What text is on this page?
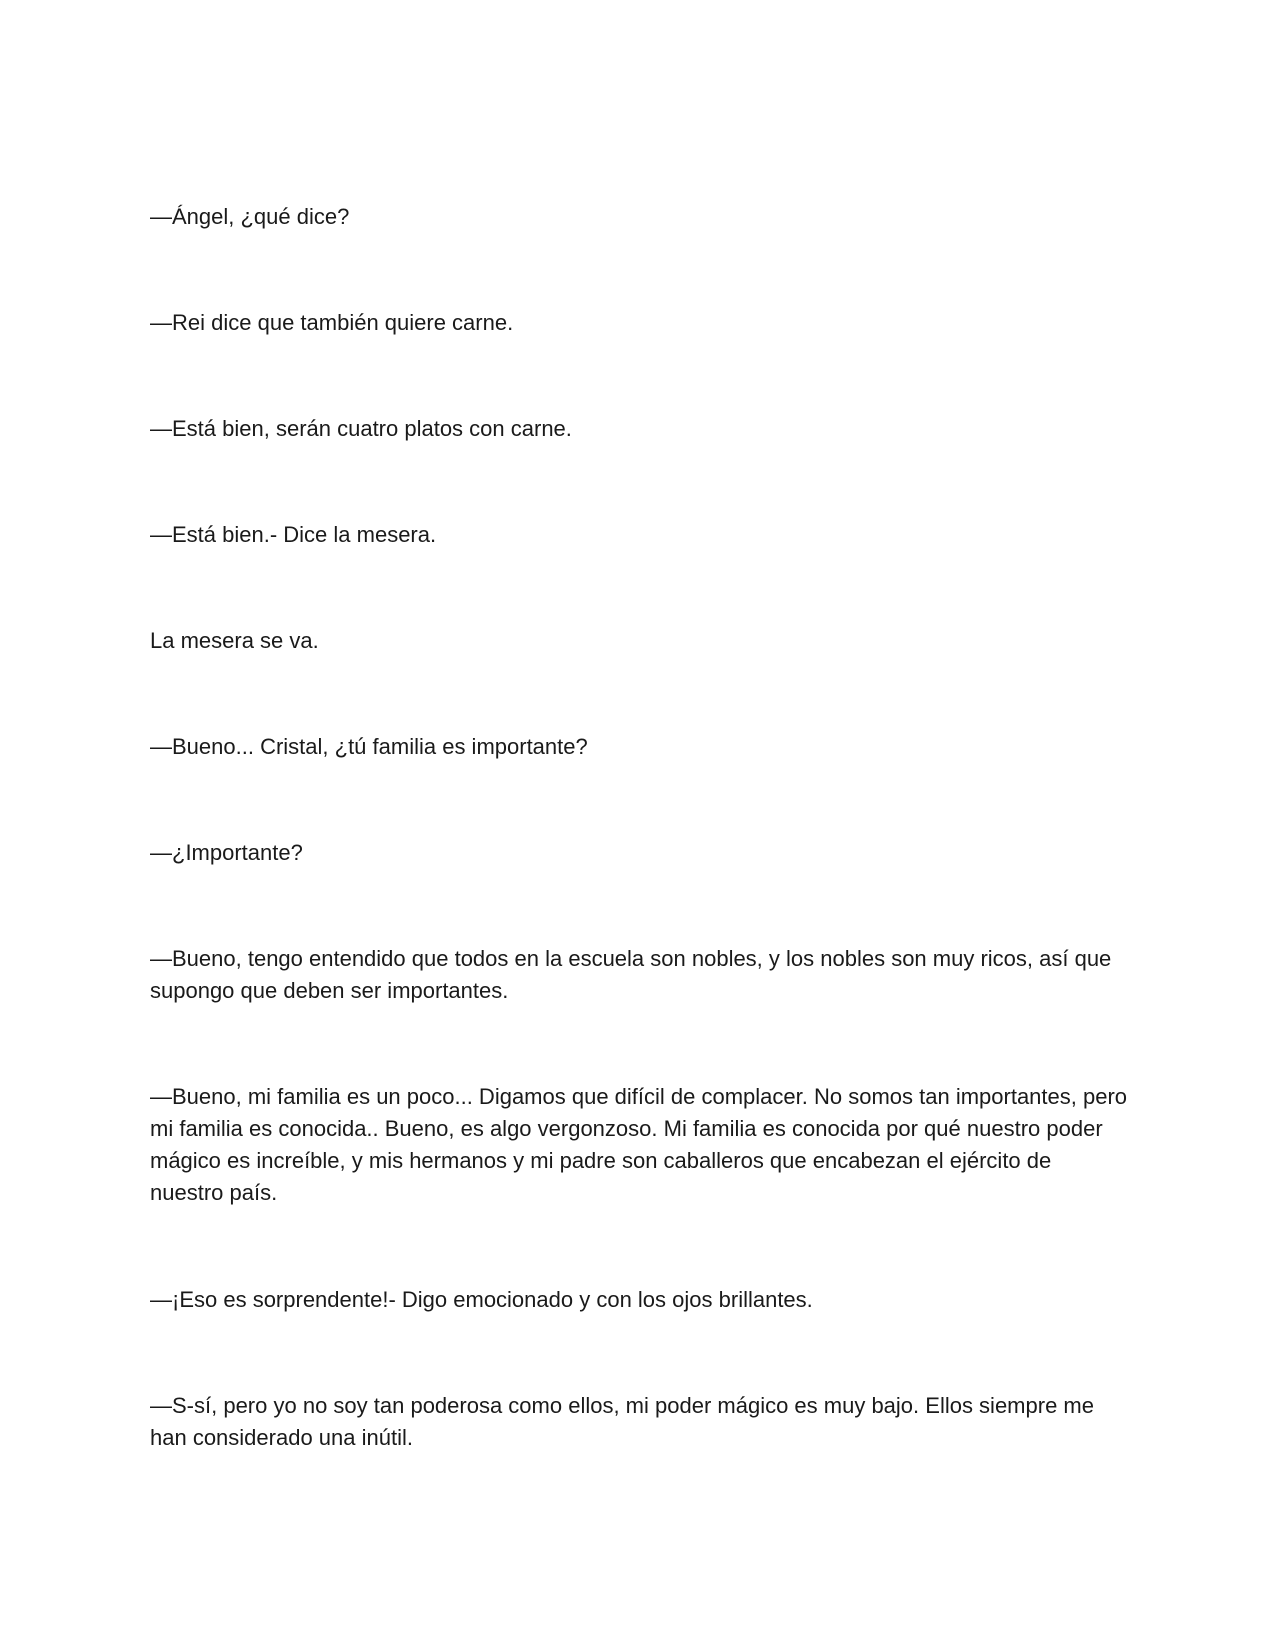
—Ángel, ¿qué dice?

—Rei dice que también quiere carne.

—Está bien, serán cuatro platos con carne.

—Está bien.- Dice la mesera.

La mesera se va.

—Bueno... Cristal, ¿tú familia es importante?

—¿Importante?

—Bueno, tengo entendido que todos en la escuela son nobles, y los nobles son muy ricos, así que supongo que deben ser importantes.

—Bueno, mi familia es un poco... Digamos que difícil de complacer. No somos tan importantes, pero mi familia es conocida.. Bueno, es algo vergonzoso. Mi familia es conocida por qué nuestro poder mágico es increíble, y mis hermanos y mi padre son caballeros que encabezan el ejército de nuestro país.

—¡Eso es sorprendente!- Digo emocionado y con los ojos brillantes.

—S-sí, pero yo no soy tan poderosa como ellos, mi poder mágico es muy bajo. Ellos siempre me han considerado una inútil.
